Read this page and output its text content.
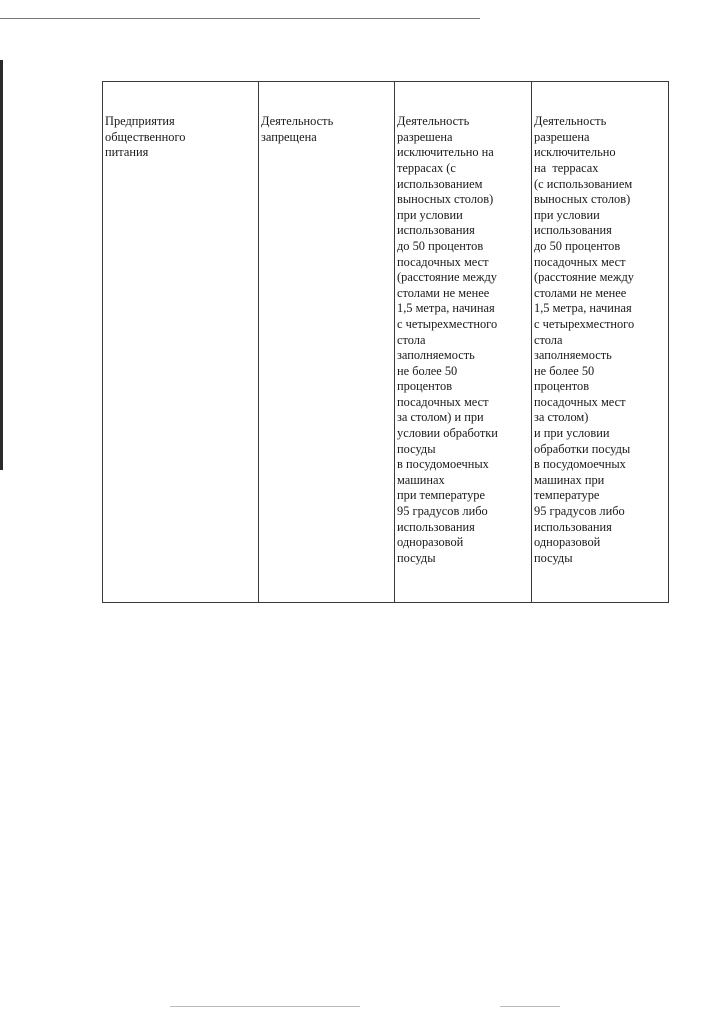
Предприятия
общественного
питания

Деятельность
запрещена

Деятельность
разрешена
исключительно на
террасах (с
использованием
выносных столов)
при условии
использования
до 50 процентов
посадочных мест
(расстояние между
столами не менее
1,5 метра, начиная
с четырехместного
стола
заполняемость
не более 50
процентов
посадочных мест
за столом) и при
условии обработки
посуды
в посудомоечных
машинах
при температуре
95 градусов либо
использования
одноразовой
посуды

Деятельность
разрешена
исключительно
на  террасах
(с использованием
выносных столов)
при условии
использования
до 50 процентов
посадочных мест
(расстояние между
столами не менее
1,5 метра, начиная
с четырехместного
стола
заполняемость
не более 50
процентов
посадочных мест
за столом)
и при условии
обработки посуды
в посудомоечных
машинах при
температуре
95 градусов либо
использования
одноразовой
посуды
